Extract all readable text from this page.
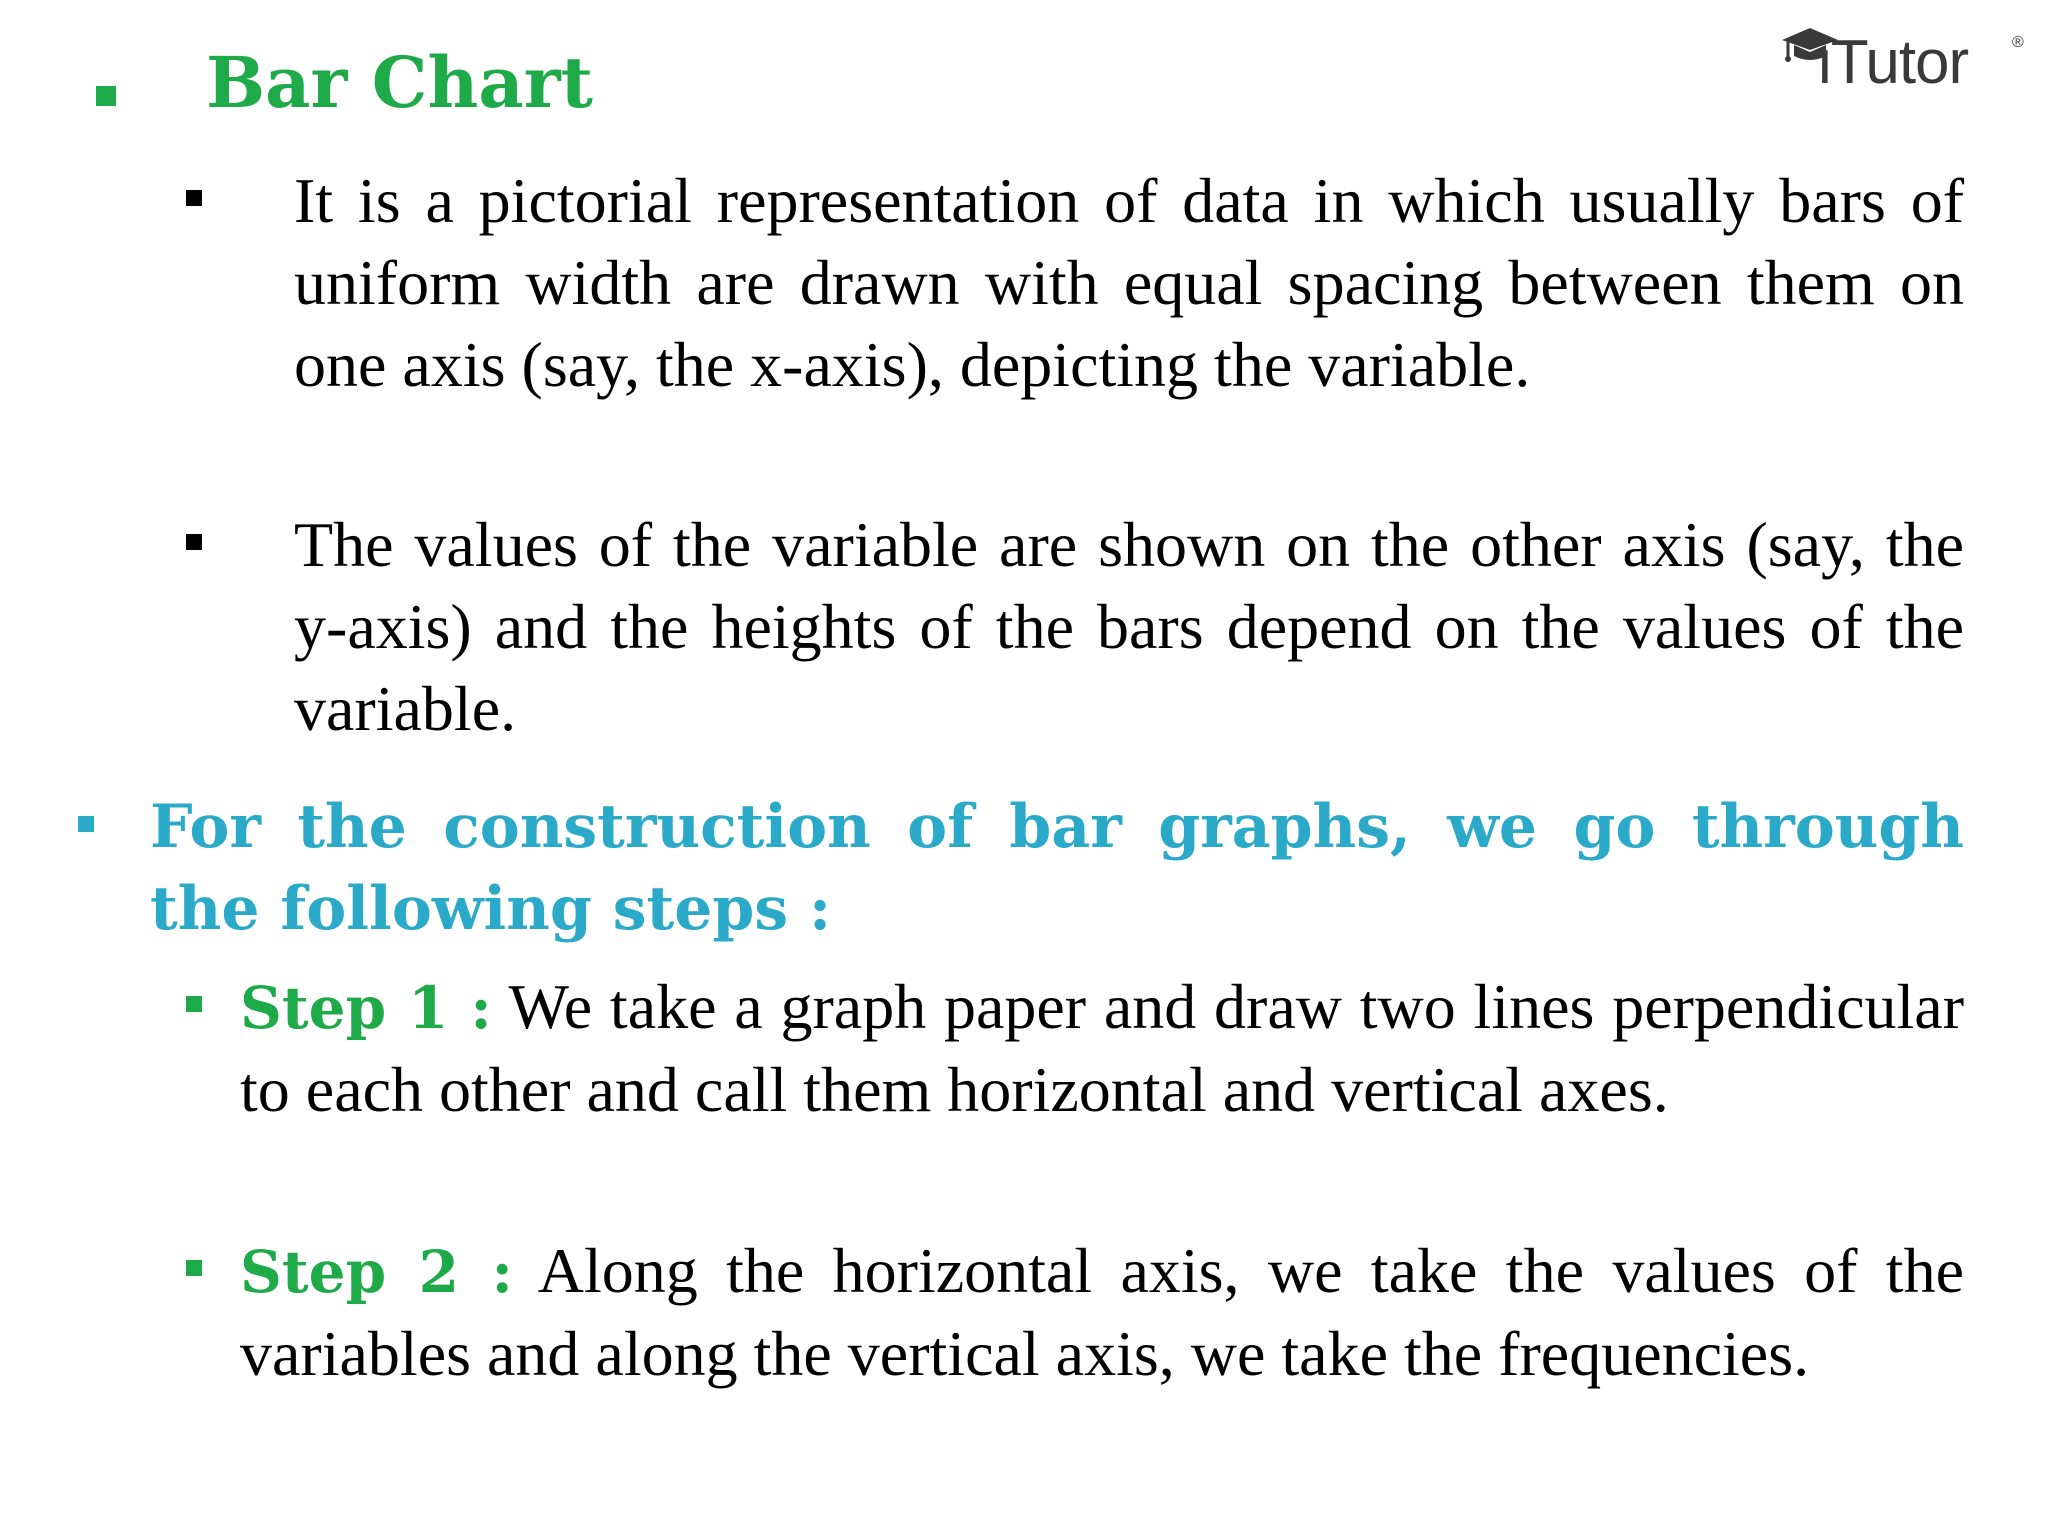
iTutor	®
Bar Chart

It is a pictorial representation of data in which usually bars of uniform width are drawn with equal spacing between them on one axis (say, the x-axis), depicting the variable.

The values of the variable are shown on the other axis (say, the y-axis) and the heights of the bars depend on the values of the variable.

For the construction of bar graphs, we go through the following steps :

Step 1 : We take a graph paper and draw two lines perpendicular to each other and call them horizontal and vertical axes.

Step 2 : Along the horizontal axis, we take the values of the variables and along the vertical axis, we take the frequencies.
